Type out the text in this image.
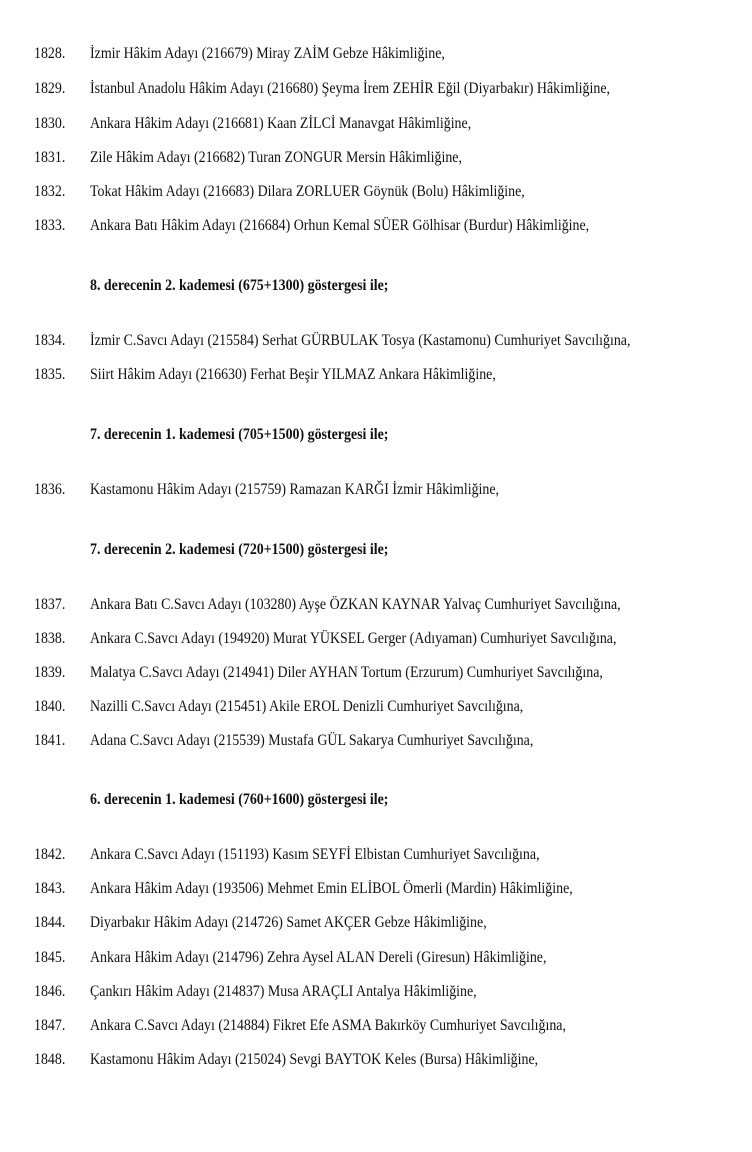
1828.	İzmir Hâkim Adayı (216679) Miray ZAİM Gebze Hâkimliğine,
1829.	İstanbul Anadolu Hâkim Adayı (216680) Şeyma İrem ZEHİR Eğil (Diyarbakır) Hâkimliğine,
1830.	Ankara Hâkim Adayı (216681) Kaan ZİLCİ Manavgat Hâkimliğine,
1831.	Zile Hâkim Adayı (216682) Turan ZONGUR Mersin Hâkimliğine,
1832.	Tokat Hâkim Adayı (216683) Dilara ZORLUER Göynük (Bolu) Hâkimliğine,
1833.	Ankara Batı Hâkim Adayı (216684) Orhun Kemal SÜER Gölhisar (Burdur) Hâkimliğine,
8. derecenin 2. kademesi (675+1300) göstergesi ile;
1834.	İzmir C.Savcı Adayı (215584) Serhat GÜRBULAK Tosya (Kastamonu) Cumhuriyet Savcılığına,
1835.	Siirt Hâkim Adayı (216630) Ferhat Beşir YILMAZ Ankara Hâkimliğine,
7. derecenin 1. kademesi (705+1500) göstergesi ile;
1836.	Kastamonu Hâkim Adayı (215759) Ramazan KARĞI İzmir Hâkimliğine,
7. derecenin 2. kademesi (720+1500) göstergesi ile;
1837.	Ankara Batı C.Savcı Adayı (103280) Ayşe ÖZKAN KAYNAR Yalvaç Cumhuriyet Savcılığına,
1838.	Ankara C.Savcı Adayı (194920) Murat YÜKSEL Gerger (Adıyaman) Cumhuriyet Savcılığına,
1839.	Malatya C.Savcı Adayı (214941) Diler AYHAN Tortum (Erzurum) Cumhuriyet Savcılığına,
1840.	Nazilli C.Savcı Adayı (215451) Akile EROL Denizli Cumhuriyet Savcılığına,
1841.	Adana C.Savcı Adayı (215539) Mustafa GÜL Sakarya Cumhuriyet Savcılığına,
6. derecenin 1. kademesi (760+1600) göstergesi ile;
1842.	Ankara C.Savcı Adayı (151193) Kasım SEYFİ Elbistan Cumhuriyet Savcılığına,
1843.	Ankara Hâkim Adayı (193506) Mehmet Emin ELİBOL Ömerli (Mardin) Hâkimliğine,
1844.	Diyarbakır Hâkim Adayı (214726) Samet AKÇER Gebze Hâkimliğine,
1845.	Ankara Hâkim Adayı (214796) Zehra Aysel ALAN Dereli (Giresun) Hâkimliğine,
1846.	Çankırı Hâkim Adayı (214837) Musa ARAÇLI Antalya Hâkimliğine,
1847.	Ankara C.Savcı Adayı (214884) Fikret Efe ASMA Bakırköy Cumhuriyet Savcılığına,
1848.	Kastamonu Hâkim Adayı (215024) Sevgi BAYTOK Keles (Bursa) Hâkimliğine,
